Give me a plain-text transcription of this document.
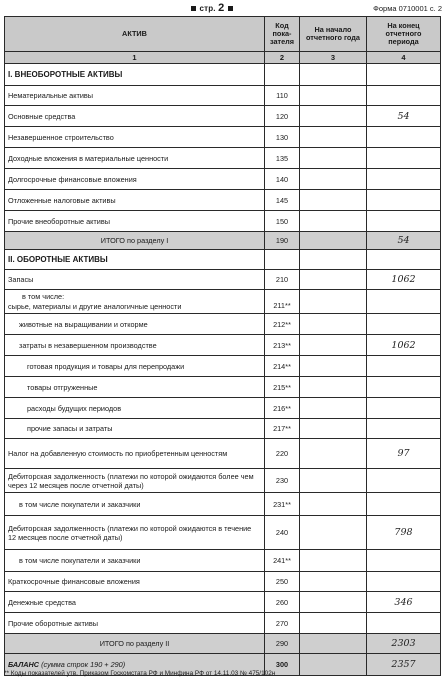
стр. 2	Форма 0710001 с. 2
АКТИВ	Код пока-зателя	На начало отчетного года	На конец отчетного периода
1	2	3	4
I. ВНЕОБОРОТНЫЕ АКТИВЫ			
Нематериальные активы	110		
Основные средства	120		54
Незавершенное строительство	130		
Доходные вложения в материальные ценности	135		
Долгосрочные финансовые вложения	140		
Отложенные налоговые активы	145		
Прочие внеоборотные активы	150		
ИТОГО по разделу I	190		54
II. ОБОРОТНЫЕ АКТИВЫ			
Запасы	210		1062

в том числе:
сырье, материалы и другие аналогичные ценности	211**		
животные на выращивании и откорме	212**		
затраты в незавершенном производстве	213**		1062
готовая продукция и товары для перепродажи	214**		
товары отгруженные	215**		
расходы будущих периодов	216**		
прочие запасы и затраты	217**		
Налог на добавленную стоимость по приобретенным ценностям	220		97
Дебиторская задолженность (платежи по которой ожидаются более чем через 12 месяцев после отчетной даты)	230		
в том числе покупатели и заказчики	231**		
Дебиторская задолженность (платежи по которой ожидаются в течение 12 месяцев после отчетной даты)	240		798
в том числе покупатели и заказчики	241**		
Краткосрочные финансовые вложения	250		
Денежные средства	260		346
Прочие оборотные активы	270		
ИТОГО по разделу II	290		2303
БАЛАНС (сумма строк 190 + 290)	300		2357
** Коды показателей утв. Приказом Госкомстата РФ и Минфина РФ от 14.11.03 № 475/102н
